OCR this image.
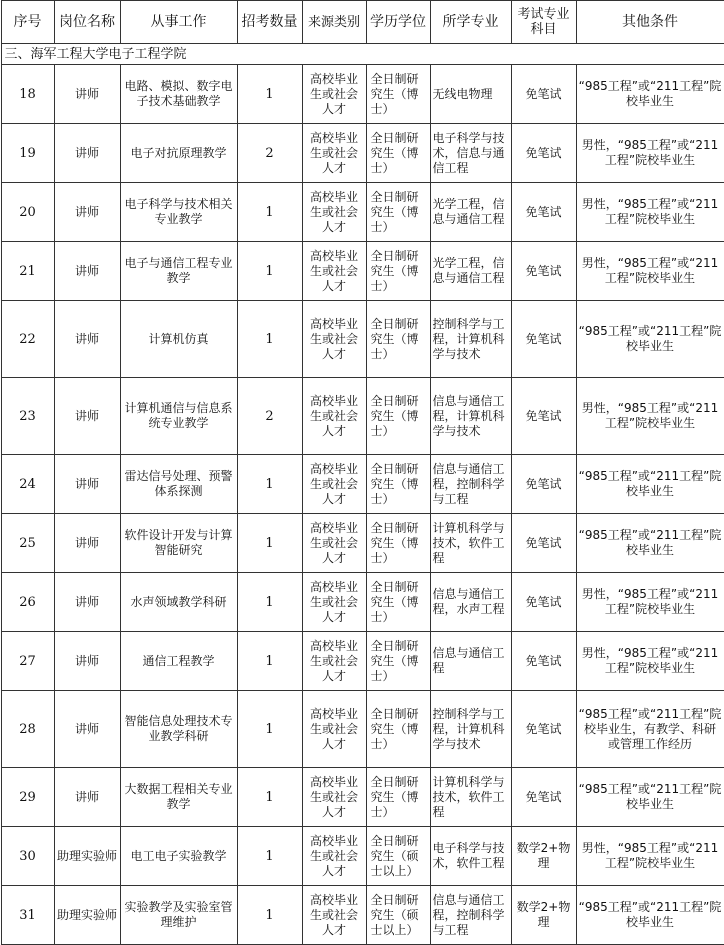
序号	岗位名称	从事工作	招考数量	来源类别	学历学位	所学专业	考试专业科目	其他条件
三、海军工程大学电子工程学院								
18	讲师	电路、模拟、数字电子技术基础教学	1	高校毕业生或社会人才	全日制研究生（博士）	无线电物理	免笔试	“985工程”或“211工程”院校毕业生
19	讲师	电子对抗原理教学	2	高校毕业生或社会人才	全日制研究生（博士）	电子科学与技术，信息与通信工程	免笔试	男性，“985工程”或“211工程”院校毕业生
20	讲师	电子科学与技术相关专业教学	1	高校毕业生或社会人才	全日制研究生（博士）	光学工程，信息与通信工程	免笔试	男性，“985工程”或“211工程”院校毕业生
21	讲师	电子与通信工程专业教学	1	高校毕业生或社会人才	全日制研究生（博士）	光学工程，信息与通信工程	免笔试	男性，“985工程”或“211工程”院校毕业生
22	讲师	计算机仿真	1	高校毕业生或社会人才	全日制研究生（博士）	控制科学与工程，计算机科学与技术	免笔试	“985工程”或“211工程”院校毕业生
23	讲师	计算机通信与信息系统专业教学	2	高校毕业生或社会人才	全日制研究生（博士）	信息与通信工程，计算机科学与技术	免笔试	男性，“985工程”或“211工程”院校毕业生
24	讲师	雷达信号处理、预警体系探测	1	高校毕业生或社会人才	全日制研究生（博士）	信息与通信工程，控制科学与工程	免笔试	“985工程”或“211工程”院校毕业生
25	讲师	软件设计开发与计算智能研究	1	高校毕业生或社会人才	全日制研究生（博士）	计算机科学与技术，软件工程	免笔试	“985工程”或“211工程”院校毕业生
26	讲师	水声领域教学科研	1	高校毕业生或社会人才	全日制研究生（博士）	信息与通信工程，水声工程	免笔试	男性，“985工程”或“211工程”院校毕业生
27	讲师	通信工程教学	1	高校毕业生或社会人才	全日制研究生（博士）	信息与通信工程	免笔试	男性，“985工程”或“211工程”院校毕业生
28	讲师	智能信息处理技术专业教学科研	1	高校毕业生或社会人才	全日制研究生（博士）	控制科学与工程，计算机科学与技术	免笔试	“985工程”或“211工程”院校毕业生，有教学、科研或管理工作经历
29	讲师	大数据工程相关专业教学	1	高校毕业生或社会人才	全日制研究生（博士）	计算机科学与技术，软件工程	免笔试	“985工程”或“211工程”院校毕业生
30	助理实验师	电工电子实验教学	1	高校毕业生或社会人才	全日制研究生（硕士以上）	电子科学与技术，软件工程	数学2+物理	男性，“985工程”或“211工程”院校毕业生
31	助理实验师	实验教学及实验室管理维护	1	高校毕业生或社会人才	全日制研究生（硕士以上）	信息与通信工程，控制科学与工程	数学2+物理	“985工程”或“211工程”院校毕业生
